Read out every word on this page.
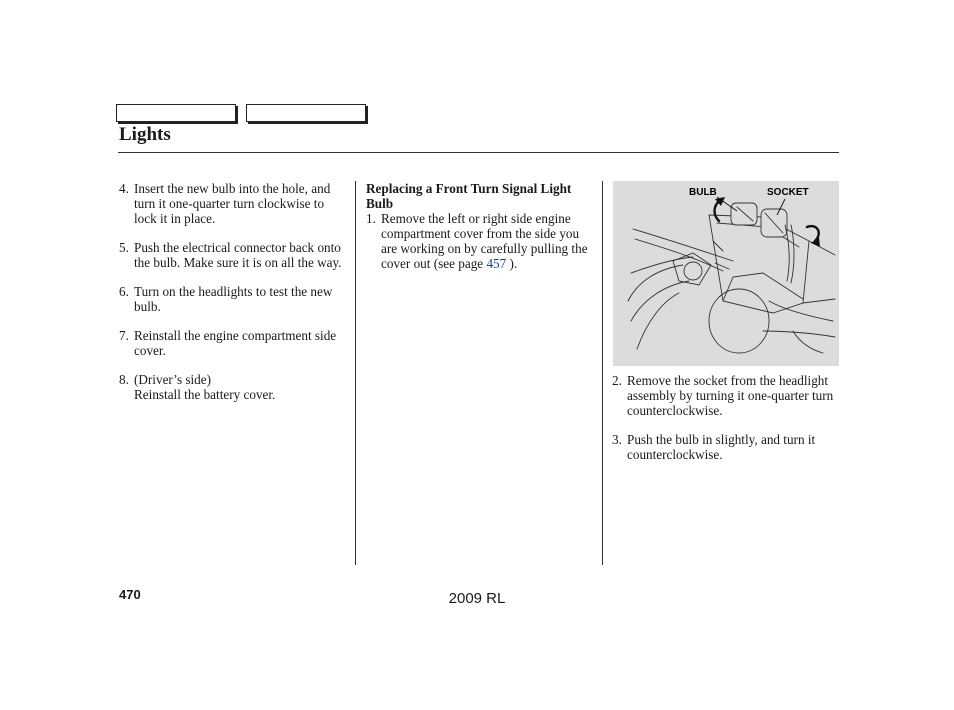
Lights
4. Insert the new bulb into the hole, and turn it one-quarter turn clockwise to lock it in place.
5. Push the electrical connector back onto the bulb. Make sure it is on all the way.
6. Turn on the headlights to test the new bulb.
7. Reinstall the engine compartment side cover.
8. (Driver’s side)
Reinstall the battery cover.
Replacing a Front Turn Signal Light Bulb
1. Remove the left or right side engine compartment cover from the side you are working on by carefully pulling the cover out (see page 457 ).
BULB	SOCKET
2. Remove the socket from the headlight assembly by turning it one-quarter turn counterclockwise.
3. Push the bulb in slightly, and turn it counterclockwise.
470	2009 RL
